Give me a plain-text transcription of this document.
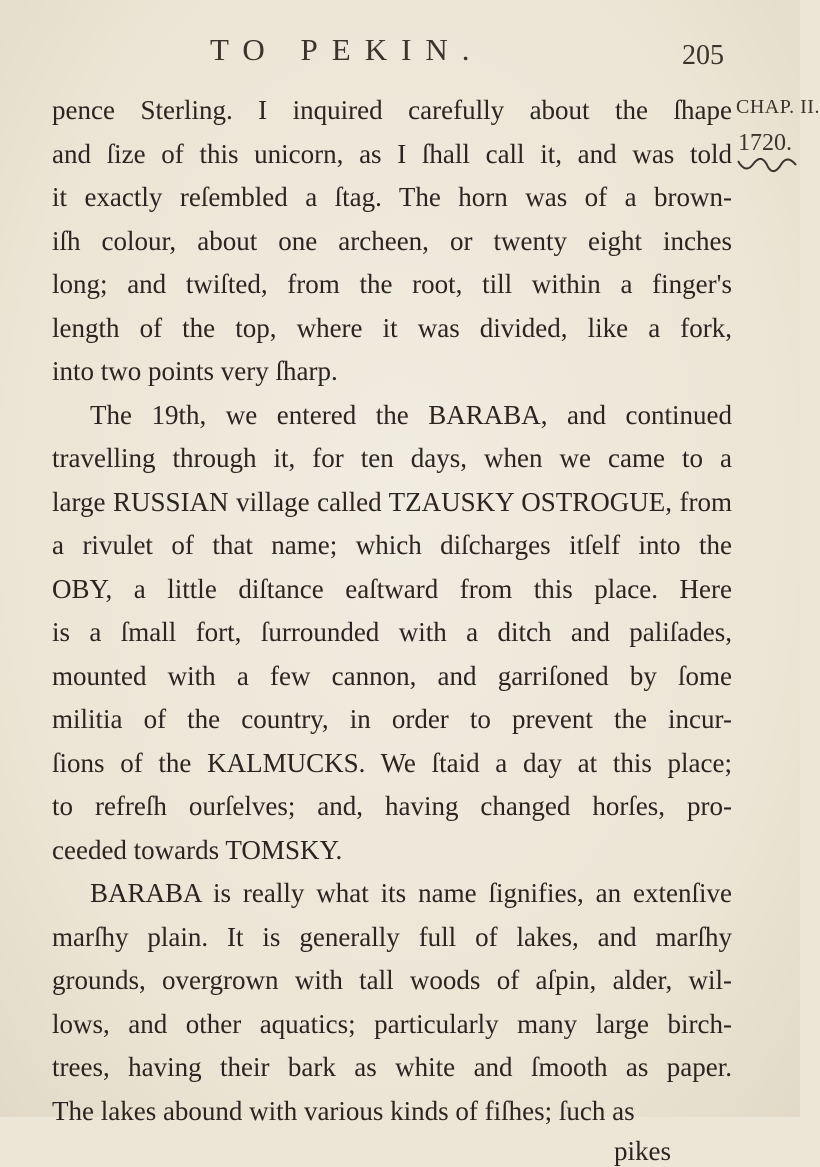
TO PEKIN.	205
CHAP. II.
1720.
pence Sterling. I inquired carefully about the ſhape
and ſize of this unicorn, as I ſhall call it, and was told
it exactly reſembled a ſtag. The horn was of a brown-
iſh colour, about one archeen, or twenty eight inches
long; and twiſted, from the root, till within a finger's
length of the top, where it was divided, like a fork,
into two points very ſharp.
The 19th, we entered the BARABA, and continued
travelling through it, for ten days, when we came to a
large RUSSIAN village called TZAUSKY OSTROGUE, from
a rivulet of that name; which diſcharges itſelf into the
OBY, a little diſtance eaſtward from this place. Here
is a ſmall fort, ſurrounded with a ditch and paliſades,
mounted with a few cannon, and garriſoned by ſome
militia of the country, in order to prevent the incur-
ſions of the KALMUCKS. We ſtaid a day at this place;
to refreſh ourſelves; and, having changed horſes, pro-
ceeded towards TOMSKY.
BARABA is really what its name ſignifies, an extenſive
marſhy plain. It is generally full of lakes, and marſhy
grounds, overgrown with tall woods of aſpin, alder, wil-
lows, and other aquatics; particularly many large birch-
trees, having their bark as white and ſmooth as paper.
The lakes abound with various kinds of fiſhes; ſuch as
pikes
